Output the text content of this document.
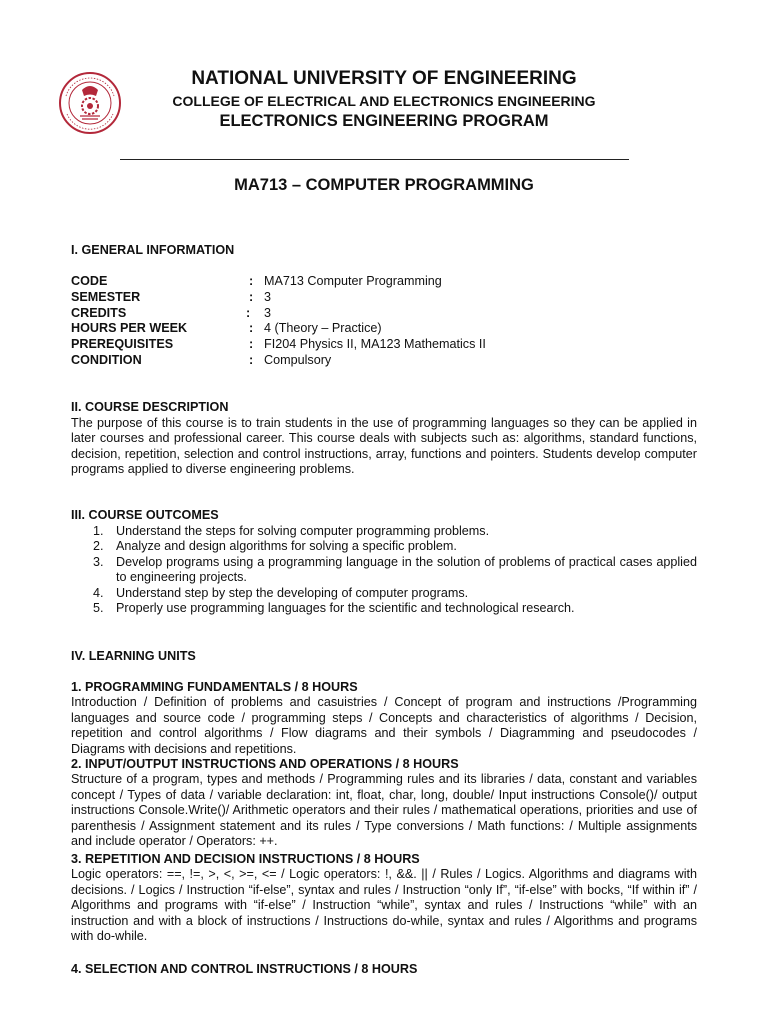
NATIONAL UNIVERSITY OF ENGINEERING
COLLEGE OF ELECTRICAL AND ELECTRONICS ENGINEERING
ELECTRONICS ENGINEERING PROGRAM
MA713 – COMPUTER PROGRAMMING
I. GENERAL INFORMATION
CODE	: MA713 Computer Programming
SEMESTER	: 3
CREDITS	: 3
HOURS PER WEEK	: 4 (Theory – Practice)
PREREQUISITES	: FI204 Physics II, MA123 Mathematics II
CONDITION	: Compulsory
II. COURSE DESCRIPTION
The purpose of this course is to train students in the use of programming languages so they can be applied in later courses and professional career. This course deals with subjects such as: algorithms, standard functions, decision, repetition, selection and control instructions, array, functions and pointers. Students develop computer programs applied to diverse engineering problems.
III. COURSE OUTCOMES
1. Understand the steps for solving computer programming problems.
2. Analyze and design algorithms for solving a specific problem.
3. Develop programs using a programming language in the solution of problems of practical cases applied to engineering projects.
4. Understand step by step the developing of computer programs.
5. Properly use programming languages for the scientific and technological research.
IV. LEARNING UNITS
1. PROGRAMMING FUNDAMENTALS / 8 HOURS
Introduction / Definition of problems and casuistries / Concept of program and instructions /Programming languages and source code / programming steps / Concepts and characteristics of algorithms / Decision, repetition and control algorithms / Flow diagrams and their symbols / Diagramming and pseudocodes / Diagrams with decisions and repetitions.
2. INPUT/OUTPUT INSTRUCTIONS AND OPERATIONS / 8 HOURS
Structure of a program, types and methods / Programming rules and its libraries / data, constant and variables concept / Types of data / variable declaration: int, float, char, long, double/ Input instructions Console()/ output instructions Console.Write()/ Arithmetic operators and their rules / mathematical operations, priorities and use of parenthesis / Assignment statement and its rules / Type conversions / Math functions: / Multiple assignments and include operator / Operators: ++.
3. REPETITION AND DECISION INSTRUCTIONS / 8 HOURS
Logic operators: ==, !=, >, <, >=, <= / Logic operators: !, &&. || / Rules / Logics. Algorithms and diagrams with decisions. / Logics / Instruction “if-else”, syntax and rules / Instruction “only If”, “if-else” with bocks, “If within if” / Algorithms and programs with “if-else” / Instruction “while”, syntax and rules / Instructions “while” with an instruction and with a block of instructions / Instructions do-while, syntax and rules / Algorithms and programs with do-while.
4. SELECTION AND CONTROL INSTRUCTIONS / 8 HOURS
